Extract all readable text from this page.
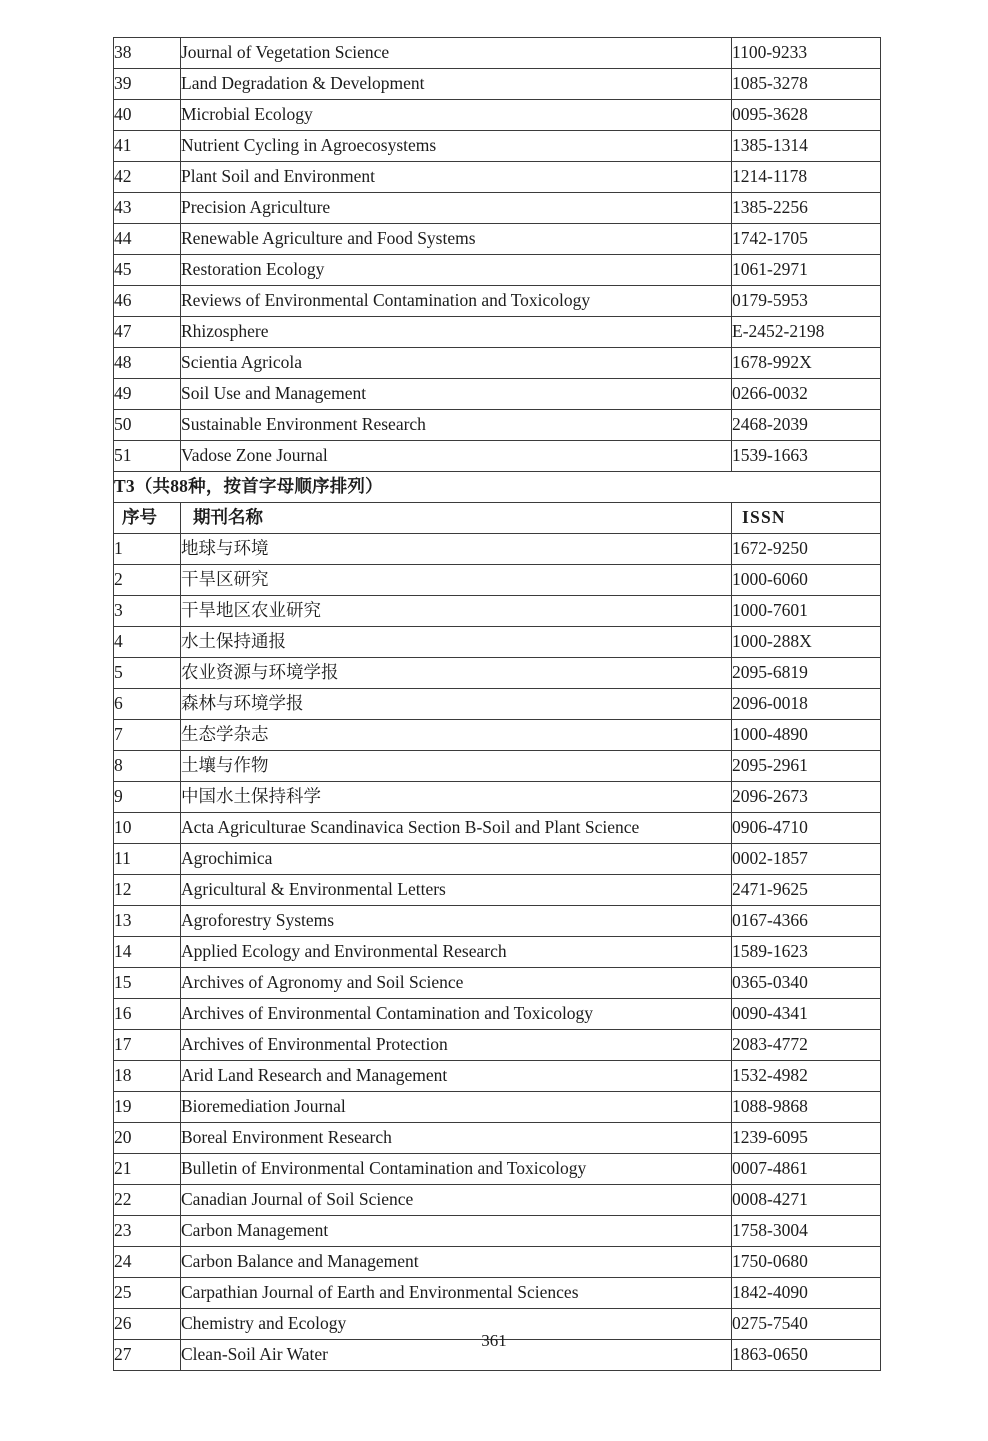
38	Journal of Vegetation Science	1100-9233
39	Land Degradation & Development	1085-3278
40	Microbial Ecology	0095-3628
41	Nutrient Cycling in Agroecosystems	1385-1314
42	Plant Soil and Environment	1214-1178
43	Precision Agriculture	1385-2256
44	Renewable Agriculture and Food Systems	1742-1705
45	Restoration Ecology	1061-2971
46	Reviews of Environmental Contamination and Toxicology	0179-5953
47	Rhizosphere	E-2452-2198
48	Scientia Agricola	1678-992X
49	Soil Use and Management	0266-0032
50	Sustainable Environment Research	2468-2039
51	Vadose Zone Journal	1539-1663
T3（共88种，按首字母顺序排列）		
序号	期刊名称	ISSN
1	地球与环境	1672-9250
2	干旱区研究	1000-6060
3	干旱地区农业研究	1000-7601
4	水土保持通报	1000-288X
5	农业资源与环境学报	2095-6819
6	森林与环境学报	2096-0018
7	生态学杂志	1000-4890
8	土壤与作物	2095-2961
9	中国水土保持科学	2096-2673
10	Acta Agriculturae Scandinavica Section B-Soil and Plant Science	0906-4710
11	Agrochimica	0002-1857
12	Agricultural & Environmental Letters	2471-9625
13	Agroforestry Systems	0167-4366
14	Applied Ecology and Environmental Research	1589-1623
15	Archives of Agronomy and Soil Science	0365-0340
16	Archives of Environmental Contamination and Toxicology	0090-4341
17	Archives of Environmental Protection	2083-4772
18	Arid Land Research and Management	1532-4982
19	Bioremediation Journal	1088-9868
20	Boreal Environment Research	1239-6095
21	Bulletin of Environmental Contamination and Toxicology	0007-4861
22	Canadian Journal of Soil Science	0008-4271
23	Carbon Management	1758-3004
24	Carbon Balance and Management	1750-0680
25	Carpathian Journal of Earth and Environmental Sciences	1842-4090
26	Chemistry and Ecology	0275-7540
27	Clean-Soil Air Water	1863-0650
361
